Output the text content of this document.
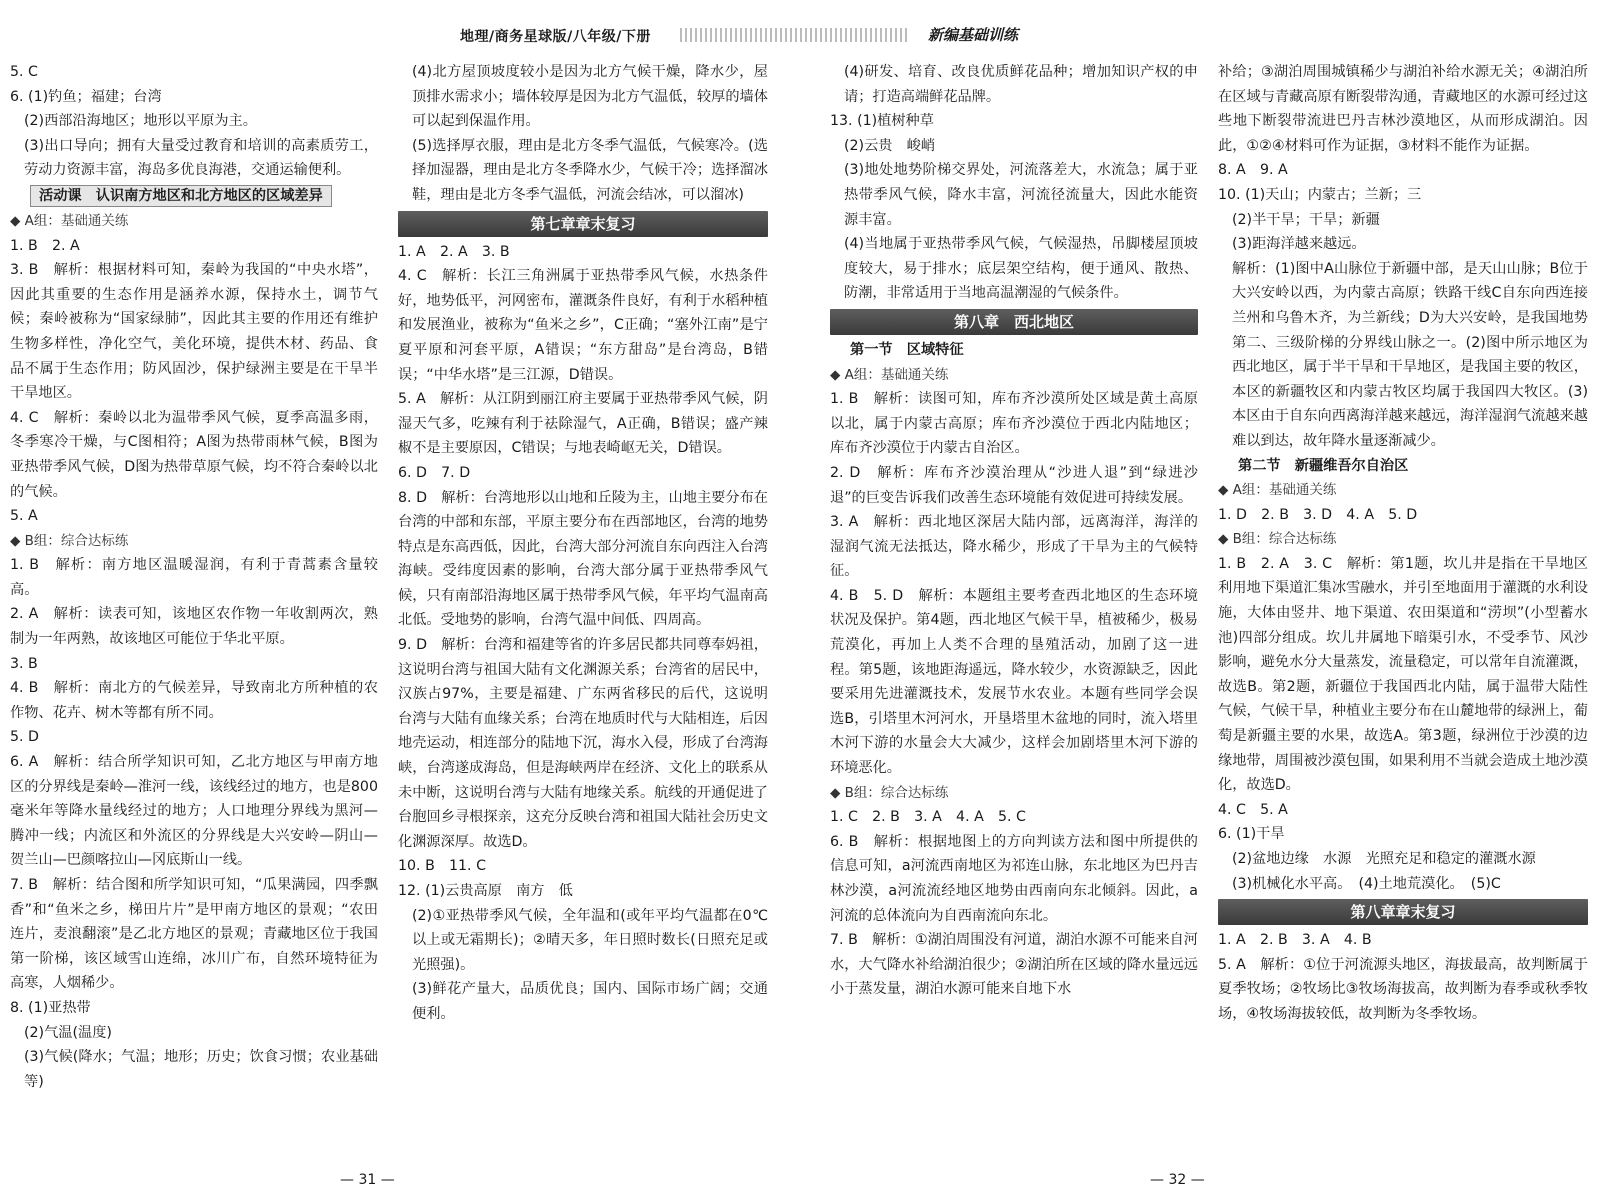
地理/商务星球版/八年级/下册	新编基础训练

5. C

6. (1)钓鱼；福建；台湾

(2)西部沿海地区；地形以平原为主。

(3)出口导向；拥有大量受过教育和培训的高素质劳工，劳动力资源丰富，海岛多优良海港，交通运输便利。

活动课　认识南方地区和北方地区的区域差异
◆ A组：基础通关练

1. B　2. A

3. B　解析：根据材料可知，秦岭为我国的“中央水塔”，因此其重要的生态作用是涵养水源，保持水土，调节气候；秦岭被称为“国家绿肺”，因此其主要的作用还有维护生物多样性，净化空气，美化环境，提供木材、药品、食品不属于生态作用；防风固沙，保护绿洲主要是在干旱半干旱地区。

4. C　解析：秦岭以北为温带季风气候，夏季高温多雨，冬季寒冷干燥，与C图相符；A图为热带雨林气候，B图为亚热带季风气候，D图为热带草原气候，均不符合秦岭以北的气候。

5. A

◆ B组：综合达标练

1. B　解析：南方地区温暖湿润，有利于青蒿素含量较高。

2. A　解析：读表可知，该地区农作物一年收割两次，熟制为一年两熟，故该地区可能位于华北平原。

3. B

4. B　解析：南北方的气候差异，导致南北方所种植的农作物、花卉、树木等都有所不同。

5. D

6. A　解析：结合所学知识可知，乙北方地区与甲南方地区的分界线是秦岭—淮河一线，该线经过的地方，也是800毫米年等降水量线经过的地方；人口地理分界线为黑河—腾冲一线；内流区和外流区的分界线是大兴安岭—阴山—贺兰山—巴颜喀拉山—冈底斯山一线。

7. B　解析：结合图和所学知识可知，“瓜果满园，四季飘香”和“鱼米之乡，梯田片片”是甲南方地区的景观；“农田连片，麦浪翻滚”是乙北方地区的景观；青藏地区位于我国第一阶梯，该区域雪山连绵，冰川广布，自然环境特征为高寒，人烟稀少。

8. (1)亚热带

(2)气温(温度)

(3)气候(降水；气温；地形；历史；饮食习惯；农业基础等)

(4)北方屋顶坡度较小是因为北方气候干燥，降水少，屋顶排水需求小；墙体较厚是因为北方气温低，较厚的墙体可以起到保温作用。

(5)选择厚衣服，理由是北方冬季气温低，气候寒冷。(选择加湿器，理由是北方冬季降水少，气候干冷；选择溜冰鞋，理由是北方冬季气温低，河流会结冰，可以溜冰)

第七章章末复习

1. A　2. A　3. B

4. C　解析：长江三角洲属于亚热带季风气候，水热条件好，地势低平，河网密布，灌溉条件良好，有利于水稻种植和发展渔业，被称为“鱼米之乡”，C正确；“塞外江南”是宁夏平原和河套平原，A错误；“东方甜岛”是台湾岛，B错误；“中华水塔”是三江源，D错误。

5. A　解析：从江阴到丽江府主要属于亚热带季风气候，阴湿天气多，吃辣有利于祛除湿气，A正确，B错误；盛产辣椒不是主要原因，C错误；与地表崎岖无关，D错误。

6. D　7. D

8. D　解析：台湾地形以山地和丘陵为主，山地主要分布在台湾的中部和东部，平原主要分布在西部地区，台湾的地势特点是东高西低，因此，台湾大部分河流自东向西注入台湾海峡。受纬度因素的影响，台湾大部分属于亚热带季风气候，只有南部沿海地区属于热带季风气候，年平均气温南高北低。受地势的影响，台湾气温中间低、四周高。

9. D　解析：台湾和福建等省的许多居民都共同尊奉妈祖，这说明台湾与祖国大陆有文化渊源关系；台湾省的居民中，汉族占97%，主要是福建、广东两省移民的后代，这说明台湾与大陆有血缘关系；台湾在地质时代与大陆相连，后因地壳运动，相连部分的陆地下沉，海水入侵，形成了台湾海峡，台湾遂成海岛，但是海峡两岸在经济、文化上的联系从未中断，这说明台湾与大陆有地缘关系。航线的开通促进了台胞回乡寻根探亲，这充分反映台湾和祖国大陆社会历史文化渊源深厚。故选D。

10. B　11. C

12. (1)云贵高原　南方　低

(2)①亚热带季风气候，全年温和(或年平均气温都在0℃以上或无霜期长)；②晴天多，年日照时数长(日照充足或光照强)。

(3)鲜花产量大，品质优良；国内、国际市场广阔；交通便利。

(4)研发、培育、改良优质鲜花品种；增加知识产权的申请；打造高端鲜花品牌。

13. (1)植树种草

(2)云贵　峻峭

(3)地处地势阶梯交界处，河流落差大，水流急；属于亚热带季风气候，降水丰富，河流径流量大，因此水能资源丰富。

(4)当地属于亚热带季风气候，气候湿热，吊脚楼屋顶坡度较大，易于排水；底层架空结构，便于通风、散热、防潮，非常适用于当地高温潮湿的气候条件。

第八章　西北地区
第一节　区域特征
◆ A组：基础通关练

1. B　解析：读图可知，库布齐沙漠所处区域是黄土高原以北，属于内蒙古高原；库布齐沙漠位于西北内陆地区；库布齐沙漠位于内蒙古自治区。

2. D　解析：库布齐沙漠治理从“沙进人退”到“绿进沙退”的巨变告诉我们改善生态环境能有效促进可持续发展。

3. A　解析：西北地区深居大陆内部，远离海洋，海洋的湿润气流无法抵达，降水稀少，形成了干旱为主的气候特征。

4. B　5. D　解析：本题组主要考查西北地区的生态环境状况及保护。第4题，西北地区气候干旱，植被稀少，极易荒漠化，再加上人类不合理的垦殖活动，加剧了这一进程。第5题，该地距海遥远，降水较少，水资源缺乏，因此要采用先进灌溉技术，发展节水农业。本题有些同学会误选B，引塔里木河河水，开垦塔里木盆地的同时，流入塔里木河下游的水量会大大减少，这样会加剧塔里木河下游的环境恶化。

◆ B组：综合达标练

1. C　2. B　3. A　4. A　5. C

6. B　解析：根据地图上的方向判读方法和图中所提供的信息可知，a河流西南地区为祁连山脉，东北地区为巴丹吉林沙漠，a河流流经地区地势由西南向东北倾斜。因此，a河流的总体流向为自西南流向东北。

7. B　解析：①湖泊周围没有河道，湖泊水源不可能来自河水，大气降水补给湖泊很少；②湖泊所在区域的降水量远远小于蒸发量，湖泊水源可能来自地下水

补给；③湖泊周围城镇稀少与湖泊补给水源无关；④湖泊所在区域与青藏高原有断裂带沟通，青藏地区的水源可经过这些地下断裂带流进巴丹吉林沙漠地区，从而形成湖泊。因此，①②④材料可作为证据，③材料不能作为证据。

8. A　9. A

10. (1)天山；内蒙古；兰新；三

(2)半干旱；干旱；新疆

(3)距海洋越来越远。

解析：(1)图中A山脉位于新疆中部，是天山山脉；B位于大兴安岭以西，为内蒙古高原；铁路干线C自东向西连接兰州和乌鲁木齐，为兰新线；D为大兴安岭，是我国地势第二、三级阶梯的分界线山脉之一。(2)图中所示地区为西北地区，属于半干旱和干旱地区，是我国主要的牧区，本区的新疆牧区和内蒙古牧区均属于我国四大牧区。(3)本区由于自东向西离海洋越来越远，海洋湿润气流越来越难以到达，故年降水量逐渐减少。

第二节　新疆维吾尔自治区
◆ A组：基础通关练

1. D　2. B　3. D　4. A　5. D

◆ B组：综合达标练

1. B　2. A　3. C　解析：第1题，坎儿井是指在干旱地区利用地下渠道汇集冰雪融水，并引至地面用于灌溉的水利设施，大体由竖井、地下渠道、农田渠道和“涝坝”(小型蓄水池)四部分组成。坎儿井属地下暗渠引水，不受季节、风沙影响，避免水分大量蒸发，流量稳定，可以常年自流灌溉，故选B。第2题，新疆位于我国西北内陆，属于温带大陆性气候，气候干旱，种植业主要分布在山麓地带的绿洲上，葡萄是新疆主要的水果，故选A。第3题，绿洲位于沙漠的边缘地带，周围被沙漠包围，如果利用不当就会造成土地沙漠化，故选D。

4. C　5. A

6. (1)干旱

(2)盆地边缘　水源　光照充足和稳定的灌溉水源

(3)机械化水平高。　(4)土地荒漠化。　(5)C

第八章章末复习

1. A　2. B　3. A　4. B

5. A　解析：①位于河流源头地区，海拔最高，故判断属于夏季牧场；②牧场比③牧场海拔高，故判断为春季或秋季牧场，④牧场海拔较低，故判断为冬季牧场。

— 31 —	— 32 —
